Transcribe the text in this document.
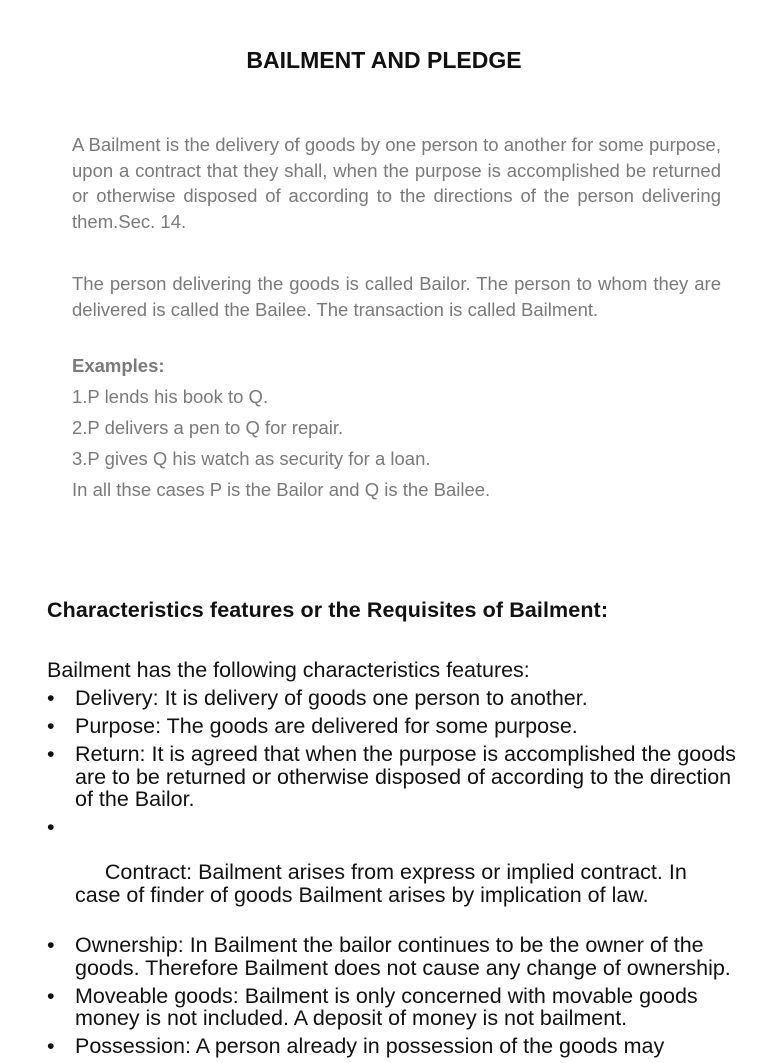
BAILMENT AND PLEDGE

A Bailment is the delivery of goods by one person to another for some purpose, upon a contract that they shall, when the purpose is accomplished be returned or otherwise disposed of according to the directions of the person delivering them.Sec. 14.

The person delivering the goods is called Bailor. The person to whom they are delivered is called the Bailee. The transaction is called Bailment.

Examples:

1.P lends his book to Q.
2.P delivers a pen to Q for repair.
3.P gives Q his watch as security for a loan.
In all thse cases P is the Bailor and Q is the Bailee.
Characteristics features or the Requisites of Bailment:

Bailment has the following characteristics features:

• Delivery: It is delivery of goods one person to another.
• Purpose: The goods are delivered for some purpose.
• Return: It is agreed that when the purpose is accomplished the goods are to be returned or otherwise disposed of according to the direction of the Bailor.

•

Contract: Bailment arises from express or implied contract. In case of finder of goods Bailment arises by implication of law.

• Ownership: In Bailment the bailor continues to be the owner of the goods. Therefore Bailment does not cause any change of ownership.
• Moveable goods: Bailment is only concerned with movable goods money is not included. A deposit of money is not bailment.
• Possession: A person already in possession of the goods may
